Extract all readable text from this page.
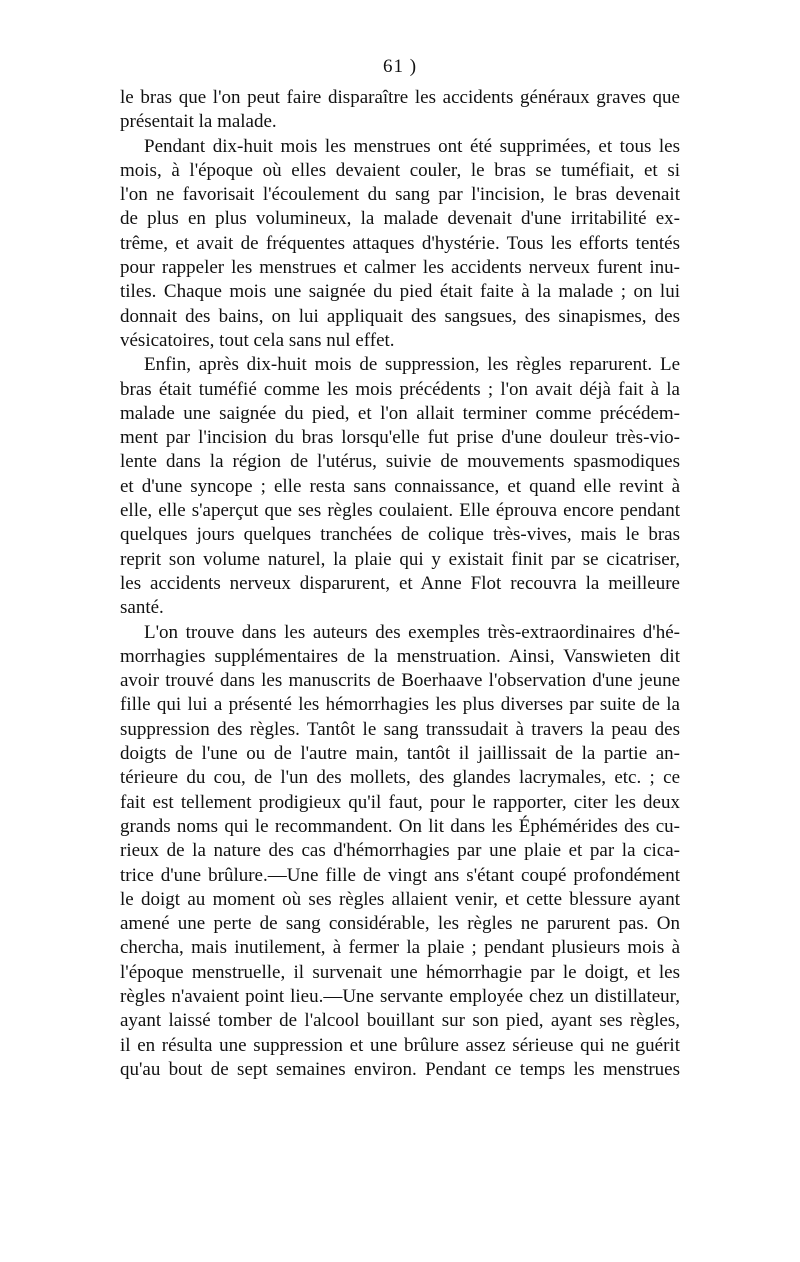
61 )
le bras que l'on peut faire disparaître les accidents généraux graves que
présentait la malade.
Pendant dix-huit mois les menstrues ont été supprimées, et tous les
mois, à l'époque où elles devaient couler, le bras se tuméfiait, et si
l'on ne favorisait l'écoulement du sang par l'incision, le bras devenait
de plus en plus volumineux, la malade devenait d'une irritabilité ex-
trême, et avait de fréquentes attaques d'hystérie. Tous les efforts tentés
pour rappeler les menstrues et calmer les accidents nerveux furent inu-
tiles. Chaque mois une saignée du pied était faite à la malade ; on lui
donnait des bains, on lui appliquait des sangsues, des sinapismes, des
vésicatoires, tout cela sans nul effet.
Enfin, après dix-huit mois de suppression, les règles reparurent. Le
bras était tuméfié comme les mois précédents ; l'on avait déjà fait à la
malade une saignée du pied, et l'on allait terminer comme précédem-
ment par l'incision du bras lorsqu'elle fut prise d'une douleur très-vio-
lente dans la région de l'utérus, suivie de mouvements spasmodiques
et d'une syncope ; elle resta sans connaissance, et quand elle revint à
elle, elle s'aperçut que ses règles coulaient. Elle éprouva encore pendant
quelques jours quelques tranchées de colique très-vives, mais le bras
reprit son volume naturel, la plaie qui y existait finit par se cicatriser,
les accidents nerveux disparurent, et Anne Flot recouvra la meilleure
santé.
L'on trouve dans les auteurs des exemples très-extraordinaires d'hé-
morrhagies supplémentaires de la menstruation. Ainsi, Vanswieten dit
avoir trouvé dans les manuscrits de Boerhaave l'observation d'une jeune
fille qui lui a présenté les hémorrhagies les plus diverses par suite de la
suppression des règles. Tantôt le sang transsudait à travers la peau des
doigts de l'une ou de l'autre main, tantôt il jaillissait de la partie an-
térieure du cou, de l'un des mollets, des glandes lacrymales, etc. ; ce
fait est tellement prodigieux qu'il faut, pour le rapporter, citer les deux
grands noms qui le recommandent. On lit dans les Éphémérides des cu-
rieux de la nature des cas d'hémorrhagies par une plaie et par la cica-
trice d'une brûlure.—Une fille de vingt ans s'étant coupé profondément
le doigt au moment où ses règles allaient venir, et cette blessure ayant
amené une perte de sang considérable, les règles ne parurent pas. On
chercha, mais inutilement, à fermer la plaie ; pendant plusieurs mois à
l'époque menstruelle, il survenait une hémorrhagie par le doigt, et les
règles n'avaient point lieu.—Une servante employée chez un distillateur,
ayant laissé tomber de l'alcool bouillant sur son pied, ayant ses règles,
il en résulta une suppression et une brûlure assez sérieuse qui ne guérit
qu'au bout de sept semaines environ. Pendant ce temps les menstrues
